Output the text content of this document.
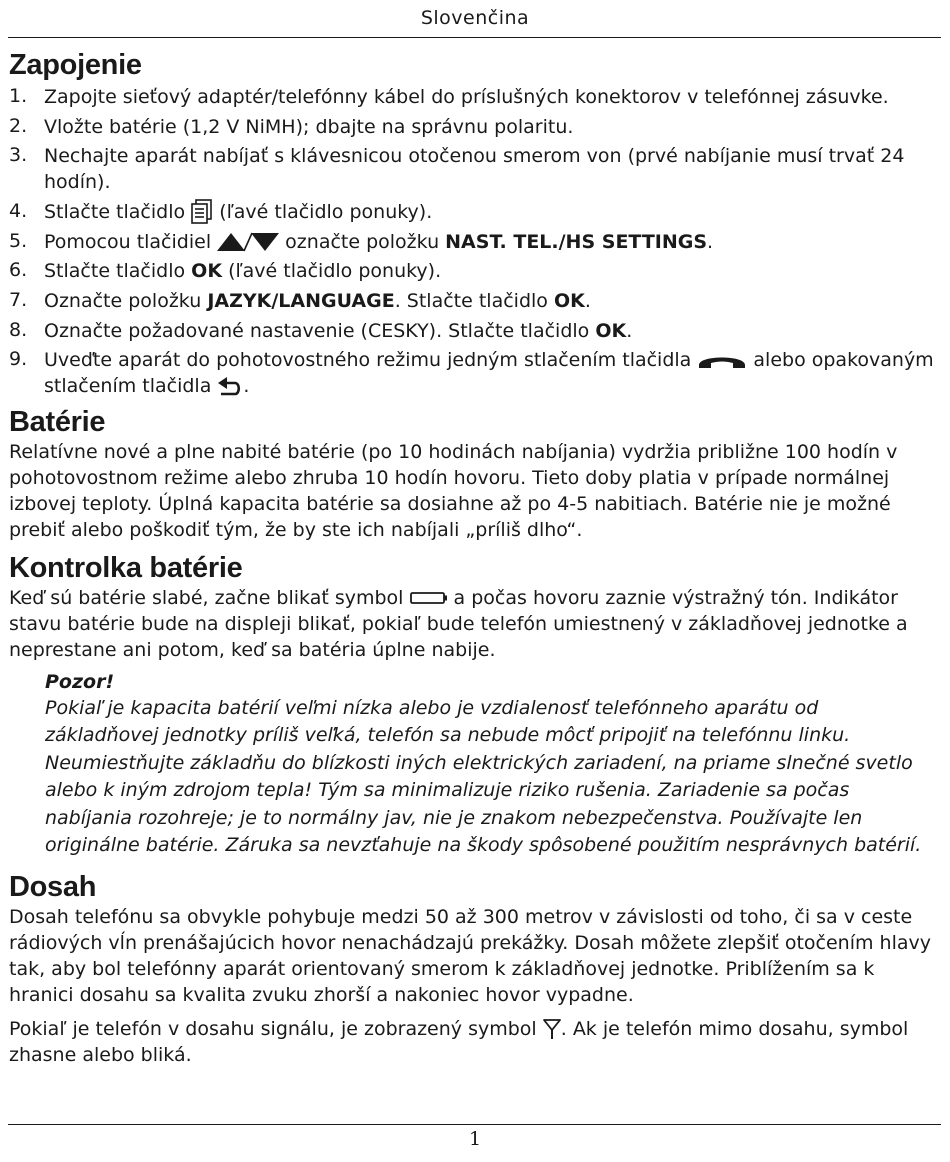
Slovenčina
Zapojenie
1. Zapojte sieťový adaptér/telefónny kábel do príslušných konektorov v telefónnej zásuvke.
2. Vložte batérie (1,2 V NiMH); dbajte na správnu polaritu.
3. Nechajte aparát nabíjať s klávesnicou otočenou smerom von (prvé nabíjanie musí trvať 24 hodín).
4. Stlačte tlačidlo  (ľavé tlačidlo ponuky).
5. Pomocou tlačidiel	označte položku NAST. TEL./HS SETTINGS.
6. Stlačte tlačidlo OK (ľavé tlačidlo ponuky).
7. Označte položku JAZYK/LANGUAGE. Stlačte tlačidlo OK.
8. Označte požadované nastavenie (CESKY). Stlačte tlačidlo OK.
9. Uveďte aparát do pohotovostného režimu jedným stlačením tlačidla	alebo opakovaným stlačením tlačidla .
Batérie

Relatívne nové a plne nabité batérie (po 10 hodinách nabíjania) vydržia približne 100 hodín v pohotovostnom režime alebo zhruba 10 hodín hovoru. Tieto doby platia v prípade normálnej izbovej teploty. Úplná kapacita batérie sa dosiahne až po 4-5 nabitiach. Batérie nie je možné prebiť alebo poškodiť tým, že by ste ich nabíjali „príliš dlho“.

Kontrolka batérie

Keď sú batérie slabé, začne blikať symbol  a počas hovoru zaznie výstražný tón. Indikátor stavu batérie bude na displeji blikať, pokiaľ bude telefón umiestnený v základňovej jednotke a neprestane ani potom, keď sa batéria úplne nabije.

Pozor!
Pokiaľ je kapacita batérií veľmi nízka alebo je vzdialenosť telefónneho aparátu od základňovej jednotky príliš veľká, telefón sa nebude môcť pripojiť na telefónnu linku. Neumiestňujte základňu do blízkosti iných elektrických zariadení, na priame slnečné svetlo alebo k iným zdrojom tepla! Tým sa minimalizuje riziko rušenia. Zariadenie sa počas nabíjania rozohreje; je to normálny jav, nie je znakom nebezpečenstva. Používajte len originálne batérie. Záruka sa nevzťahuje na škody spôsobené použitím nesprávnych batérií.
Dosah

Dosah telefónu sa obvykle pohybuje medzi 50 až 300 metrov v závislosti od toho, či sa v ceste rádiových vĺn prenášajúcich hovor nenachádzajú prekážky. Dosah môžete zlepšiť otočením hlavy tak, aby bol telefónny aparát orientovaný smerom k základňovej jednotke. Priblížením sa k hranici dosahu sa kvalita zvuku zhorší a nakoniec hovor vypadne.

Pokiaľ je telefón v dosahu signálu, je zobrazený symbol . Ak je telefón mimo dosahu, symbol zhasne alebo bliká.

1
